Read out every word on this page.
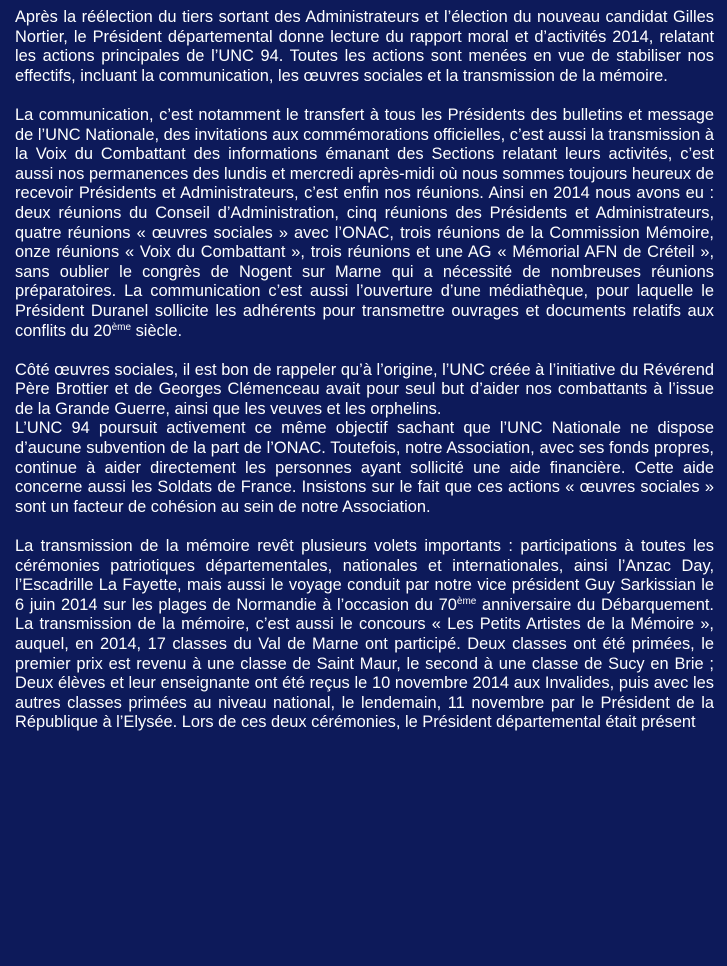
Après la réélection du tiers sortant des Administrateurs et l’élection du nouveau candidat Gilles Nortier, le Président départemental donne lecture du rapport moral et d’activités 2014, relatant les actions principales de l’UNC 94. Toutes les actions sont menées en vue de stabiliser nos effectifs, incluant la communication, les œuvres sociales et la transmission de la mémoire.

La communication, c’est notamment le transfert à tous les Présidents des bulletins et message de l’UNC Nationale, des invitations aux commémorations officielles, c’est aussi la transmission à la Voix du Combattant des informations émanant des Sections relatant leurs activités, c’est aussi nos permanences des lundis et mercredi après-midi où nous sommes toujours heureux de recevoir Présidents et Administrateurs, c’est enfin nos réunions. Ainsi en 2014 nous avons eu : deux réunions du Conseil d’Administration, cinq réunions des Présidents et Administrateurs, quatre réunions « œuvres sociales » avec l’ONAC, trois réunions de la Commission Mémoire, onze réunions « Voix du Combattant », trois réunions et une AG « Mémorial AFN de Créteil », sans oublier le congrès de Nogent sur Marne qui a nécessité de nombreuses réunions préparatoires. La communication c’est aussi l’ouverture d’une médiathèque, pour laquelle le Président Duranel sollicite les adhérents pour transmettre ouvrages et documents relatifs aux conflits du 20ème siècle.

Côté œuvres sociales, il est bon de rappeler qu’à l’origine, l’UNC créée à l’initiative du Révérend Père Brottier et de Georges Clémenceau avait pour seul but d’aider nos combattants à l’issue de la Grande Guerre, ainsi que les veuves et les orphelins.

L’UNC 94 poursuit activement ce même objectif sachant que l’UNC Nationale ne dispose d’aucune subvention de la part de l’ONAC. Toutefois, notre Association, avec ses fonds propres, continue à aider directement les personnes ayant sollicité une aide financière. Cette aide concerne aussi les Soldats de France. Insistons sur le fait que ces actions « œuvres sociales » sont un facteur de cohésion au sein de notre Association.

La transmission de la mémoire revêt plusieurs volets importants : participations à toutes les cérémonies patriotiques départementales, nationales et internationales, ainsi l’Anzac Day, l’Escadrille La Fayette, mais aussi le voyage conduit par notre vice président Guy Sarkissian le 6 juin 2014 sur les plages de Normandie à l’occasion du 70ème anniversaire du Débarquement. La transmission de la mémoire, c’est aussi le concours « Les Petits Artistes de la Mémoire », auquel, en 2014, 17 classes du Val de Marne ont participé. Deux classes ont été primées, le premier prix est revenu à une classe de Saint Maur, le second à une classe de Sucy en Brie ; Deux élèves et leur enseignante ont été reçus le 10 novembre 2014 aux Invalides, puis avec les autres classes primées au niveau national, le lendemain, 11 novembre par le Président de la République à l’Elysée. Lors de ces deux cérémonies, le Président départemental était présent
